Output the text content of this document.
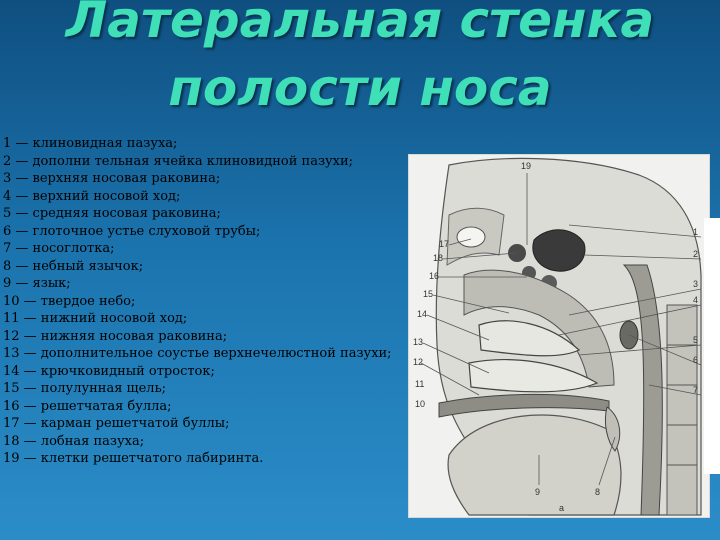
Латеральная стенка
полости носа
1 — клиновидная пазуха;
2 — дополни тельная ячейка клиновидной пазухи;
3 — верхняя носовая раковина;
4 — верхний носовой ход;
5 — средняя носовая раковина;
6 — глоточное устье слуховой трубы;
7 — носоглотка;
8 — небный язычок;
9 — язык;
10 — твердое небо;
11 — нижний носовой ход;
12 — нижняя носовая раковина;
13 — дополнительное соустье верхнечелюстной пазухи;
14 — крючковидный отросток;
15 — полулунная щель;
16 — решетчатая булла;
17 — карман решетчатой буллы;
18 — лобная пазуха;
19 — клетки решетчатого лабиринта.
19
17
18
16
15
14
13
12
11
10
1
2
3
4
5
6
7
8
9
a
